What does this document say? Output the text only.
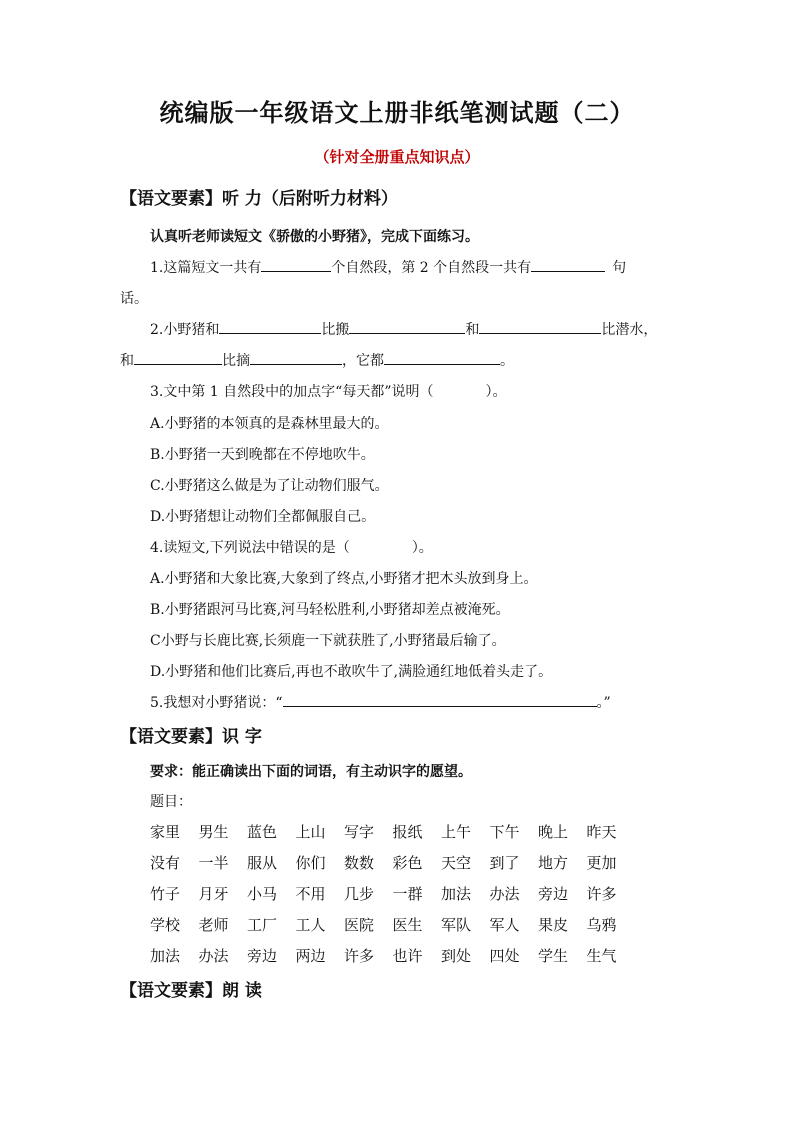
统编版一年级语文上册非纸笔测试题（二）
（针对全册重点知识点）
【语文要素】听 力（后附听力材料）
认真听老师读短文《骄傲的小野猪》，完成下面练习。
1.这篇短文一共有	个自然段，第 2 个自然段一共有	句
话。
2.小野猪和	比搬	和	比潜水，
和	比摘	，它都	。
3.文中第 1 自然段中的加点字“每天都”说明（	）。
A.小野猪的本领真的是森林里最大的。
B.小野猪一天到晚都在不停地吹牛。
C.小野猪这么做是为了让动物们服气。
D.小野猪想让动物们全都佩服自己。
4.读短文,下列说法中错误的是（	）。
A.小野猪和大象比赛,大象到了终点,小野猪才把木头放到身上。
B.小野猪跟河马比赛,河马轻松胜利,小野猪却差点被淹死。
C小野与长鹿比赛,长须鹿一下就获胜了,小野猪最后输了。
D.小野猪和他们比赛后,再也不敢吹牛了,满脸通红地低着头走了。
5.我想对小野猪说：“	。”
【语文要素】识 字
要求：能正确读出下面的词语，有主动识字的愿望。
题目：
家里 男生 蓝色 上山 写字 报纸 上午 下午 晚上 昨天
没有 一半 服从 你们 数数 彩色 天空 到了 地方 更加
竹子 月牙 小马 不用 几步 一群 加法 办法 旁边 许多
学校 老师 工厂 工人 医院 医生 军队 军人 果皮 乌鸦
加法 办法 旁边 两边 许多 也许 到处 四处 学生 生气
【语文要素】朗 读
